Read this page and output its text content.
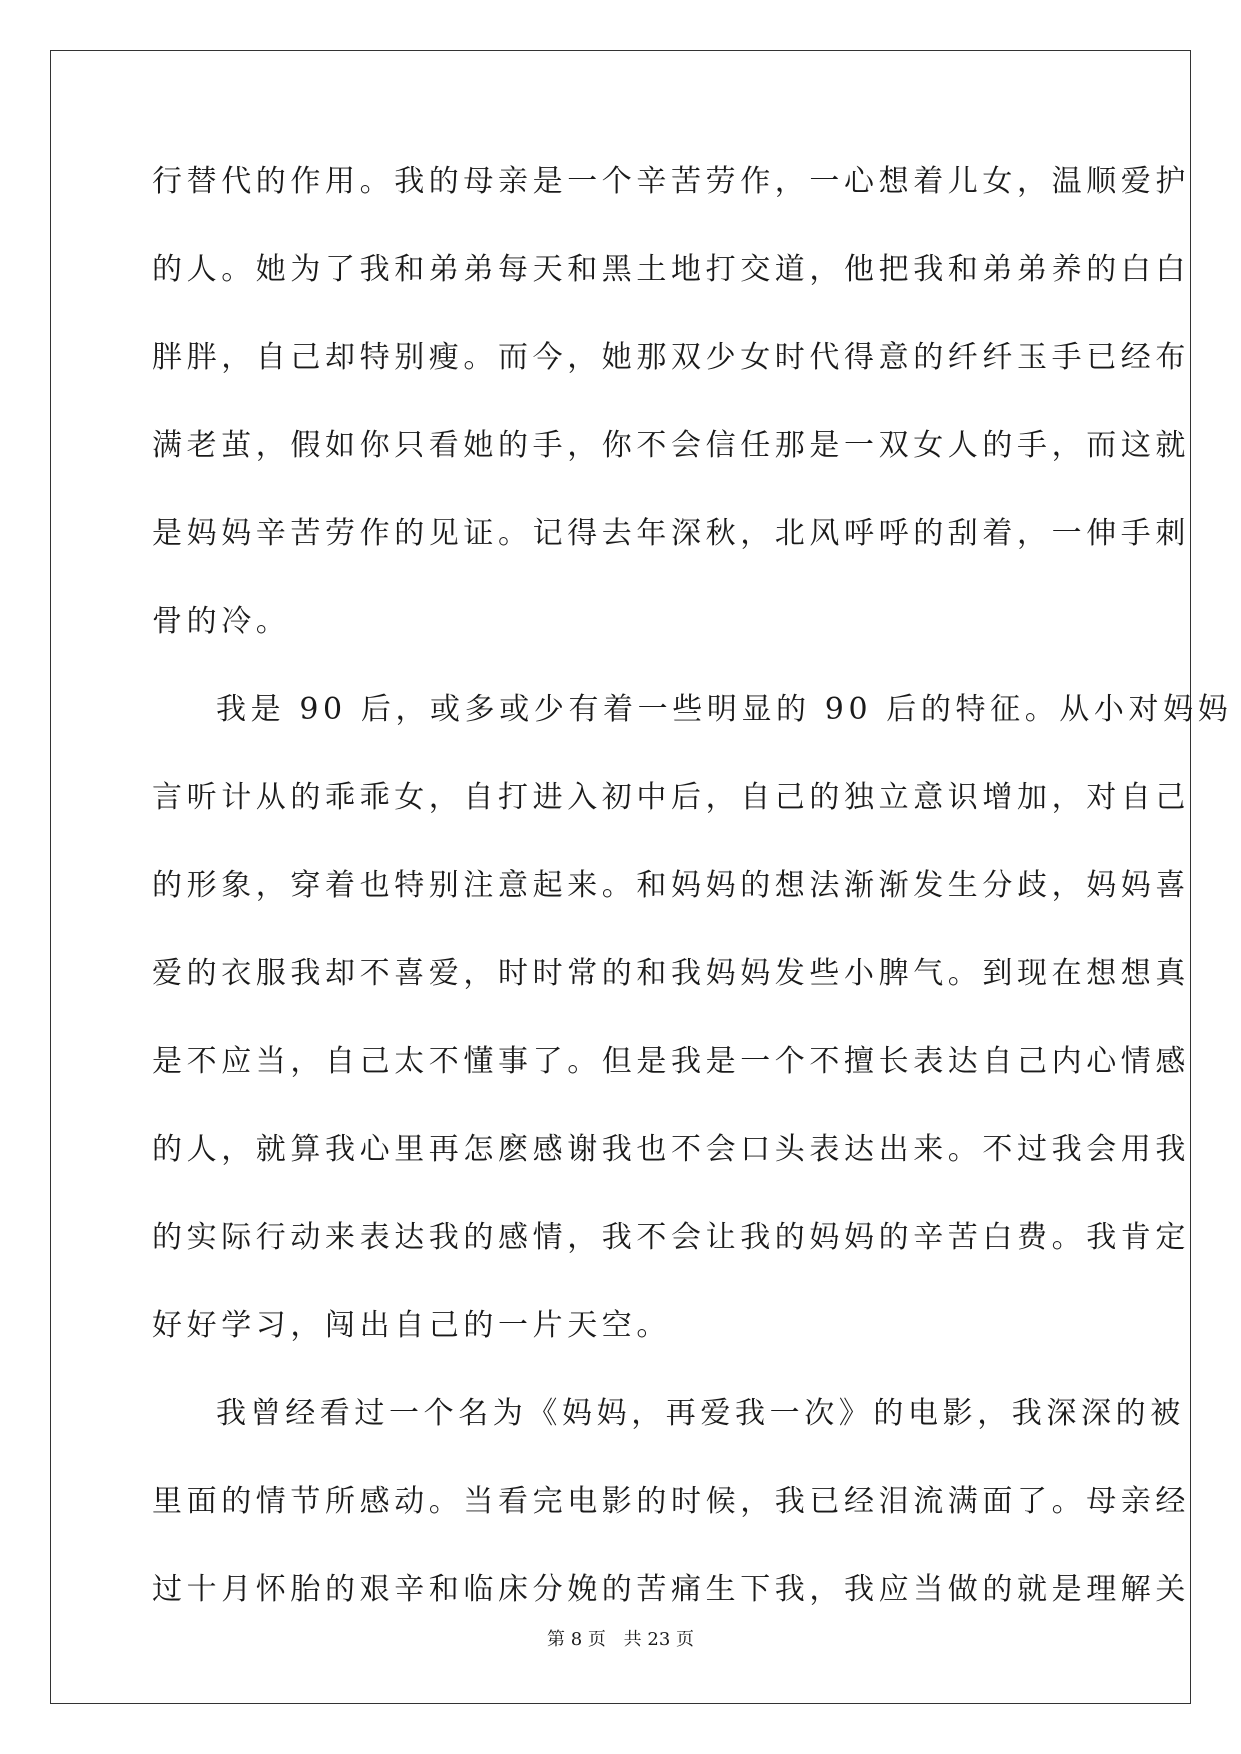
行替代的作用。我的母亲是一个辛苦劳作，一心想着儿女，温顺爱护
的人。她为了我和弟弟每天和黑土地打交道，他把我和弟弟养的白白
胖胖，自己却特别瘦。而今，她那双少女时代得意的纤纤玉手已经布
满老茧，假如你只看她的手，你不会信任那是一双女人的手，而这就
是妈妈辛苦劳作的见证。记得去年深秋，北风呼呼的刮着，一伸手刺
骨的冷。
我是 90 后，或多或少有着一些明显的 90 后的特征。从小对妈妈
言听计从的乖乖女，自打进入初中后，自己的独立意识增加，对自己
的形象，穿着也特别注意起来。和妈妈的想法渐渐发生分歧，妈妈喜
爱的衣服我却不喜爱，时时常的和我妈妈发些小脾气。到现在想想真
是不应当，自己太不懂事了。但是我是一个不擅长表达自己内心情感
的人，就算我心里再怎麽感谢我也不会口头表达出来。不过我会用我
的实际行动来表达我的感情，我不会让我的妈妈的辛苦白费。我肯定
好好学习，闯出自己的一片天空。
我曾经看过一个名为《妈妈，再爱我一次》的电影，我深深的被
里面的情节所感动。当看完电影的时候，我已经泪流满面了。母亲经
过十月怀胎的艰辛和临床分娩的苦痛生下我，我应当做的就是理解关
第 8 页 共 23 页
